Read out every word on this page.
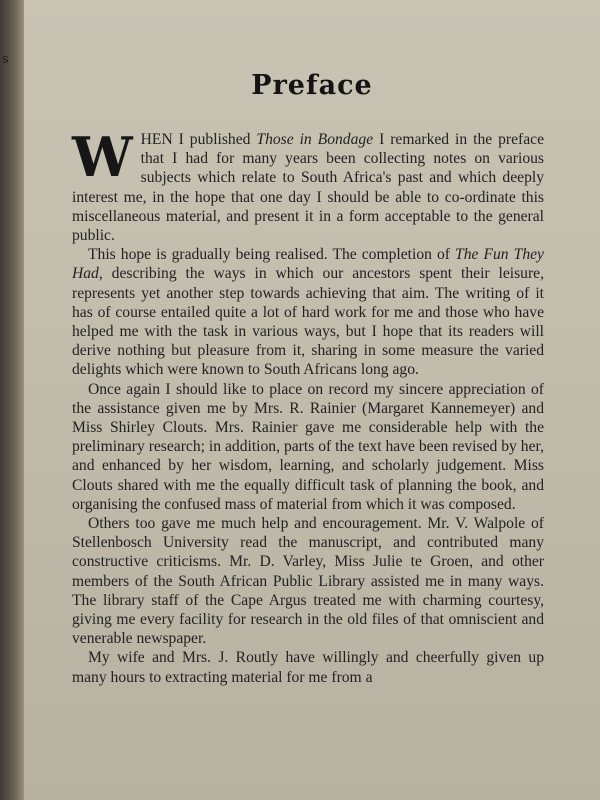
s
Preface

WHEN I published Those in Bondage I remarked in the preface that I had for many years been collecting notes on various subjects which relate to South Africa's past and which deeply interest me, in the hope that one day I should be able to co-ordinate this miscellaneous material, and present it in a form acceptable to the general public.

This hope is gradually being realised. The completion of The Fun They Had, describing the ways in which our ancestors spent their leisure, represents yet another step towards achieving that aim. The writing of it has of course entailed quite a lot of hard work for me and those who have helped me with the task in various ways, but I hope that its readers will derive nothing but pleasure from it, sharing in some measure the varied delights which were known to South Africans long ago.

Once again I should like to place on record my sincere appreciation of the assistance given me by Mrs. R. Rainier (Margaret Kannemeyer) and Miss Shirley Clouts. Mrs. Rainier gave me considerable help with the preliminary research; in addition, parts of the text have been revised by her, and enhanced by her wisdom, learning, and scholarly judgement. Miss Clouts shared with me the equally difficult task of planning the book, and organising the confused mass of material from which it was composed.

Others too gave me much help and encouragement. Mr. V. Walpole of Stellenbosch University read the manuscript, and contributed many constructive criticisms. Mr. D. Varley, Miss Julie te Groen, and other members of the South African Public Library assisted me in many ways. The library staff of the Cape Argus treated me with charming courtesy, giving me every facility for research in the old files of that omniscient and venerable newspaper.

My wife and Mrs. J. Routly have willingly and cheerfully given up many hours to extracting material for me from a
